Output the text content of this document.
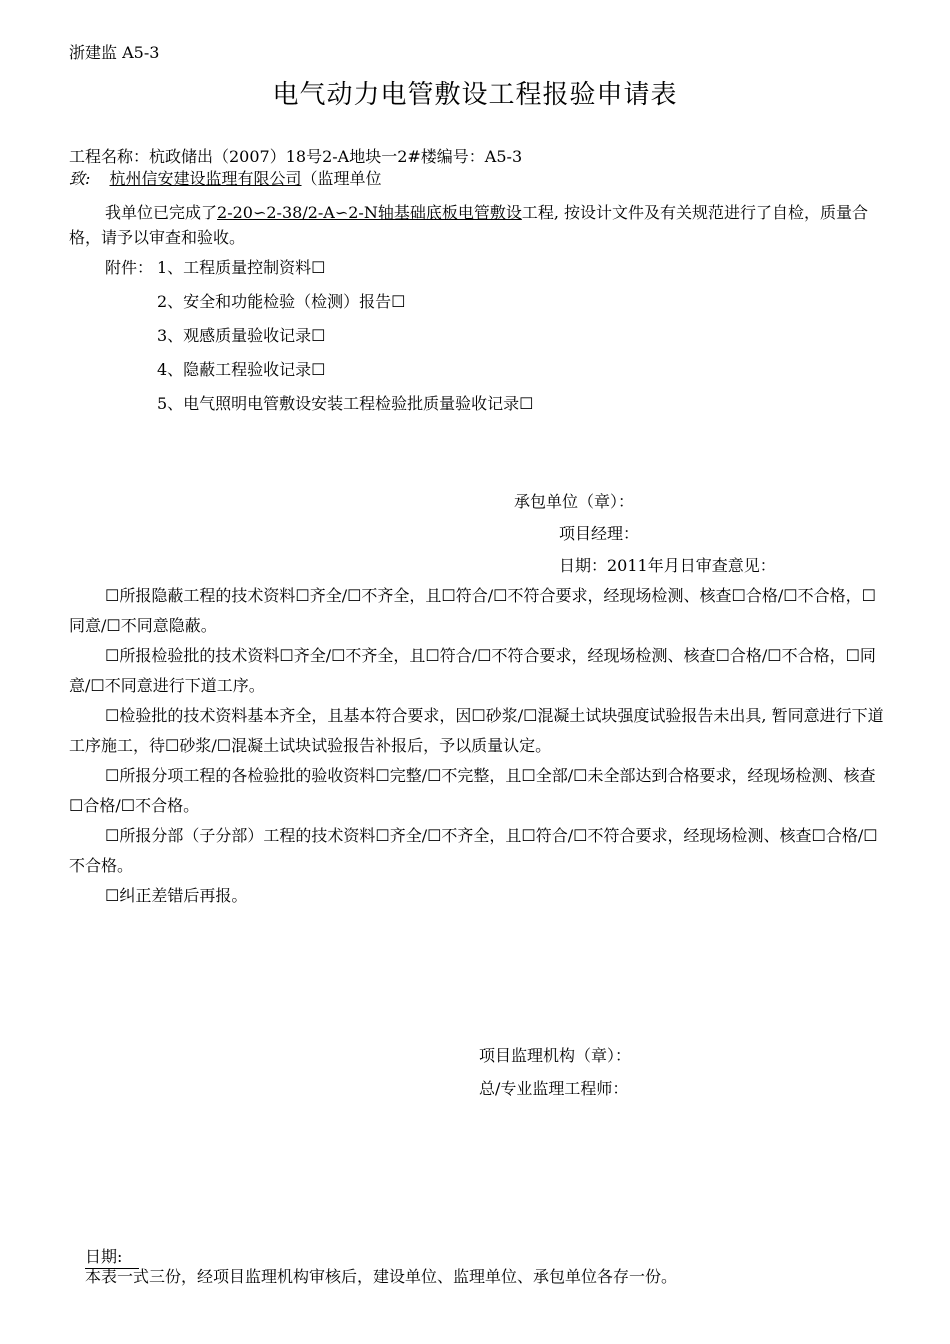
浙建监 A5-3
电气动力电管敷设工程报验申请表
工程名称：杭政储出（2007）18号2-A地块一2#楼编号：A5-3
致: 杭州信安建设监理有限公司（监理单位
我单位已完成了2-20∽2-38/2-A∽2-N轴基础底板电管敷设工程, 按设计文件及有关规范进行了自检，质量合格，请予以审查和验收。
附件： 1、工程质量控制资料☐
2、安全和功能检验（检测）报告☐
3、观感质量验收记录☐
4、隐蔽工程验收记录☐
5、电气照明电管敷设安装工程检验批质量验收记录☐
承包单位（章）：
项目经理：
日期：2011年月日审查意见：
☐所报隐蔽工程的技术资料☐齐全/☐不齐全，且☐符合/☐不符合要求，经现场检测、核查☐合格/☐不合格，☐同意/☐不同意隐蔽。
☐所报检验批的技术资料☐齐全/☐不齐全，且☐符合/☐不符合要求，经现场检测、核查☐合格/☐不合格，☐同意/☐不同意进行下道工序。
☐检验批的技术资料基本齐全，且基本符合要求，因☐砂浆/☐混凝土试块强度试验报告未出具, 暂同意进行下道工序施工，待☐砂浆/☐混凝土试块试验报告补报后，予以质量认定。
☐所报分项工程的各检验批的验收资料☐完整/☐不完整，且☐全部/☐未全部达到合格要求，经现场检测、核查☐合格/☐不合格。
☐所报分部（子分部）工程的技术资料☐齐全/☐不齐全，且☐符合/☐不符合要求，经现场检测、核查☐合格/☐不合格。
☐纠正差错后再报。
项目监理机构（章）：
总/专业监理工程师：
日期:
本表一式三份，经项目监理机构审核后，建设单位、监理单位、承包单位各存一份。
